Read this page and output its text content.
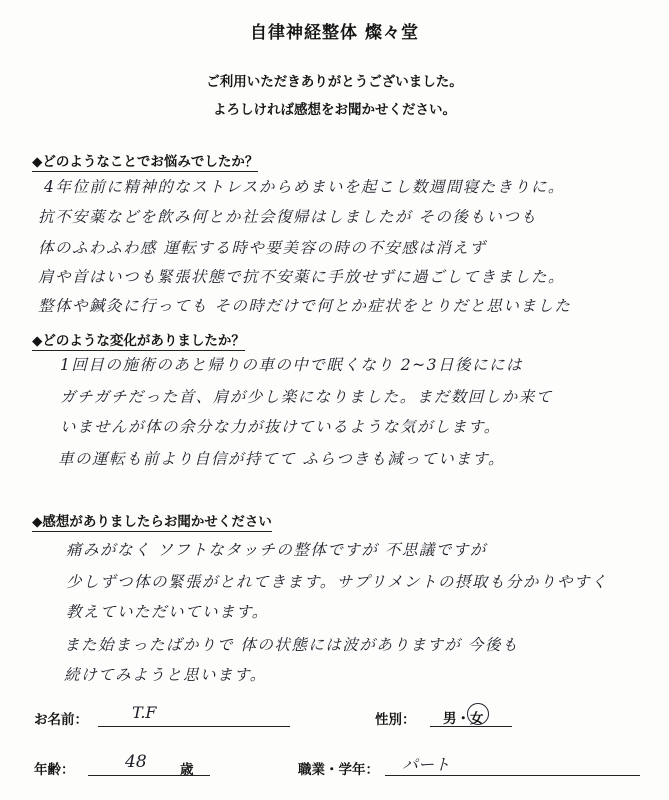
自律神経整体 燦々堂
ご利用いただきありがとうございました。
よろしければ感想をお聞かせください。
◆どのようなことでお悩みでしたか？
4年位前に精神的なストレスからめまいを起こし数週間寝たきりに。
抗不安薬などを飲み何とか社会復帰はしましたが その後もいつも
体のふわふわ感 運転する時や要美容の時の不安感は消えず
肩や首はいつも緊張状態で抗不安薬に手放せずに過ごしてきました。
整体や鍼灸に行っても その時だけで何とか症状をとりだと思いました
◆どのような変化がありましたか？
1回目の施術のあと帰りの車の中で眠くなり 2~3日後にには
ガチガチだった首、肩が少し楽になりました。まだ数回しか来て
いませんが体の余分な力が抜けているような気がします。
車の運転も前より自信が持てて ふらつきも減っています。
◆感想がありましたらお聞かせください
痛みがなく ソフトなタッチの整体ですが 不思議ですが
少しずつ体の緊張がとれてきます。サプリメントの摂取も分かりやすく
教えていただいています。
また始まったばかりで 体の状態には波がありますが 今後も
続けてみようと思います。
お名前：	T.F	性別： 男・女
年齢：	48 歳	職業・学年： パート
